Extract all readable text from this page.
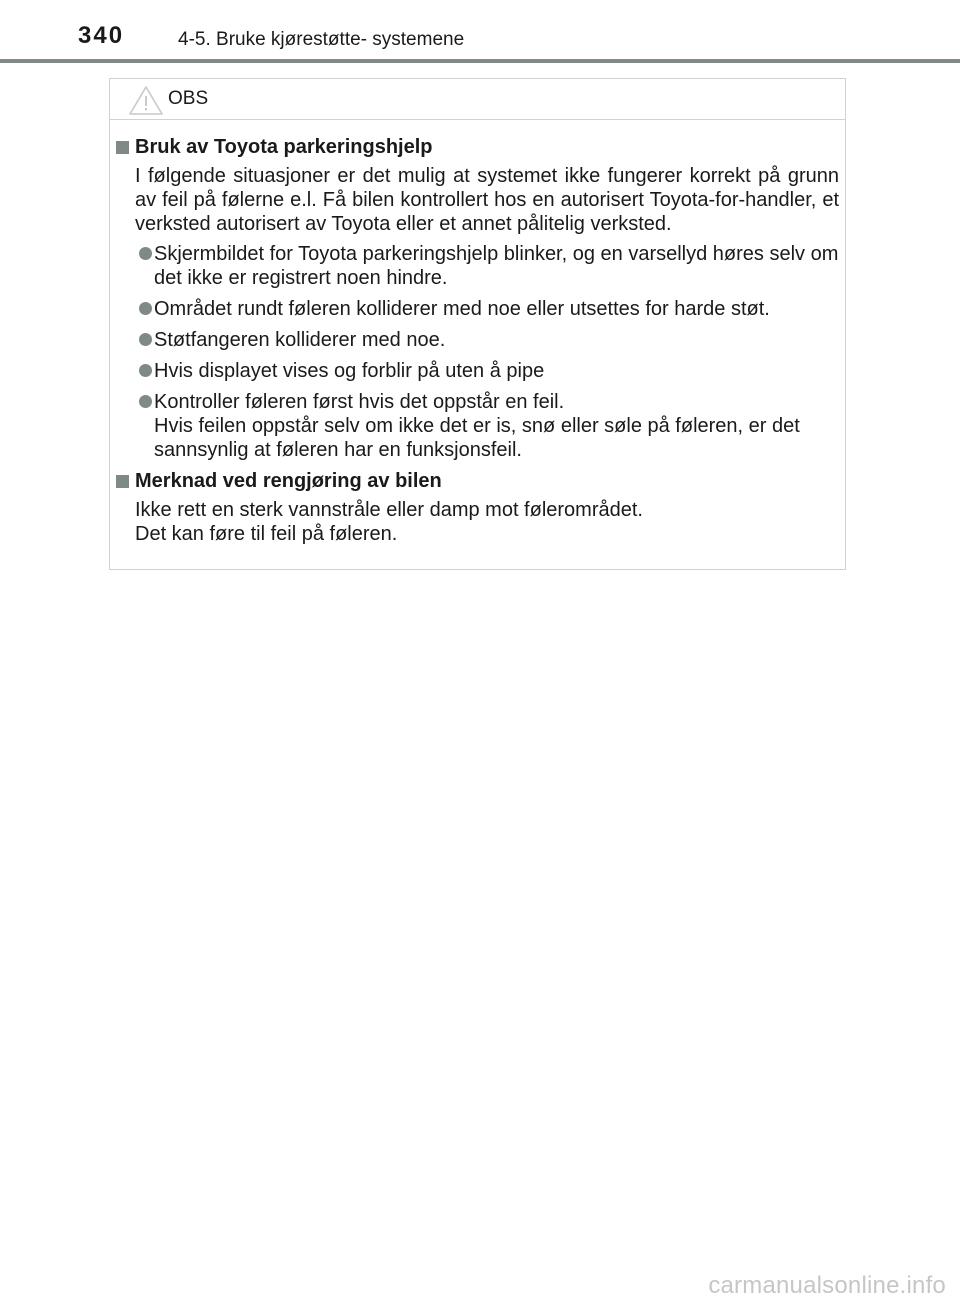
340	4-5. Bruke kjørestøtte- systemene
OBS
Bruk av Toyota parkeringshjelp
I følgende situasjoner er det mulig at systemet ikke fungerer korrekt på grunn av feil på følerne e.l. Få bilen kontrollert hos en autorisert Toyota-for-handler, et verksted autorisert av Toyota eller et annet pålitelig verksted.
Skjermbildet for Toyota parkeringshjelp blinker, og en varsellyd høres selv om det ikke er registrert noen hindre.
Området rundt føleren kolliderer med noe eller utsettes for harde støt.
Støtfangeren kolliderer med noe.
Hvis displayet vises og forblir på uten å pipe
Kontroller føleren først hvis det oppstår en feil.
Hvis feilen oppstår selv om ikke det er is, snø eller søle på føleren, er det sannsynlig at føleren har en funksjonsfeil.
Merknad ved rengjøring av bilen
Ikke rett en sterk vannstråle eller damp mot følerområdet.
Det kan føre til feil på føleren.
carmanualsonline.info
